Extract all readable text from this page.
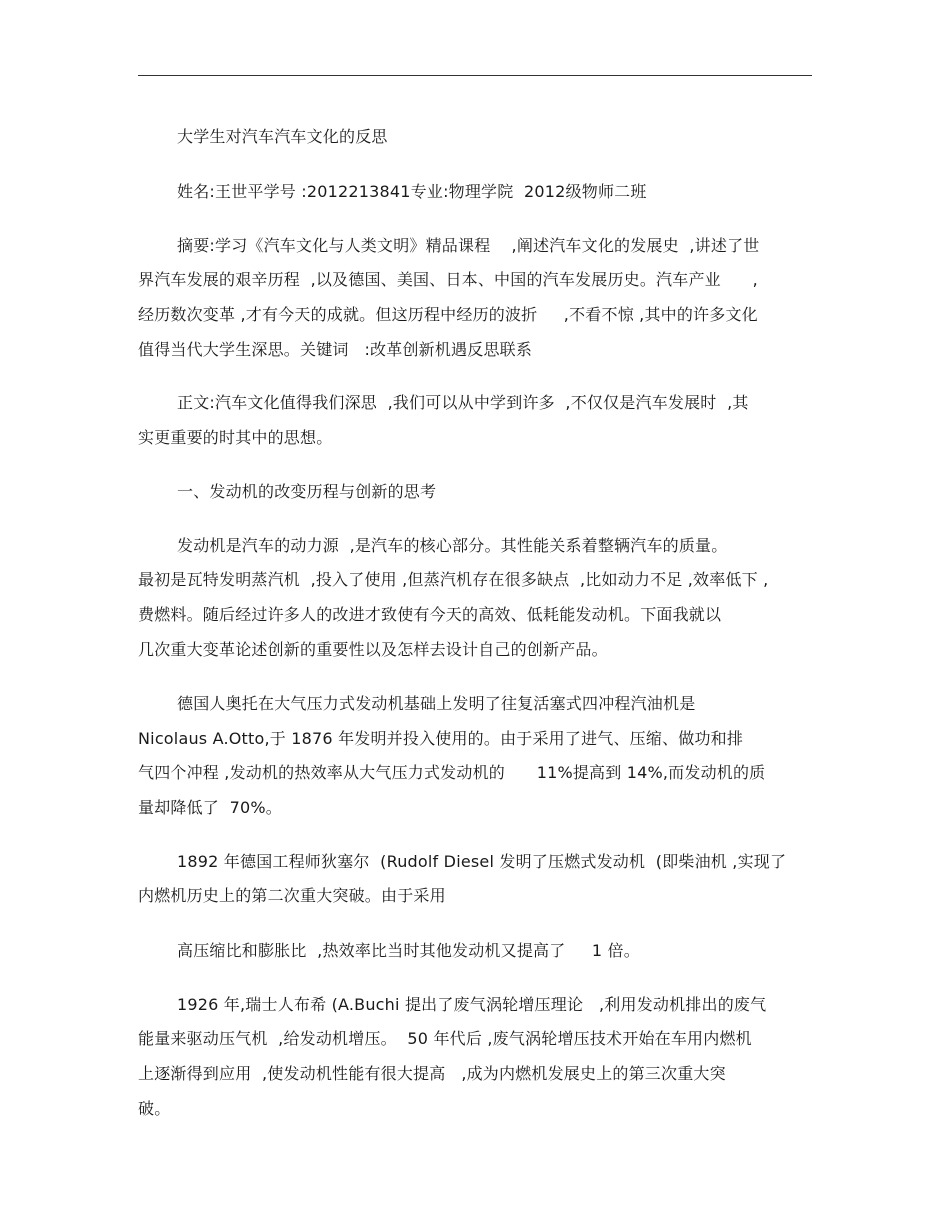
大学生对汽车汽车文化的反思
姓名:王世平学号 :2012213841专业:物理学院  2012级物师二班
摘要:学习《汽车文化与人类文明》精品课程    ,阐述汽车文化的发展史  ,讲述了世
界汽车发展的艰辛历程  ,以及德国、美国、日本、中国的汽车发展历史。汽车产业      ,
经历数次变革 ,才有今天的成就。但这历程中经历的波折     ,不看不惊 ,其中的许多文化
值得当代大学生深思。关键词   :改革创新机遇反思联系
正文:汽车文化值得我们深思  ,我们可以从中学到许多  ,不仅仅是汽车发展时  ,其
实更重要的时其中的思想。
一、发动机的改变历程与创新的思考
发动机是汽车的动力源  ,是汽车的核心部分。其性能关系着整辆汽车的质量。
最初是瓦特发明蒸汽机  ,投入了使用 ,但蒸汽机存在很多缺点  ,比如动力不足 ,效率低下 ,
费燃料。随后经过许多人的改进才致使有今天的高效、低耗能发动机。下面我就以
几次重大变革论述创新的重要性以及怎样去设计自己的创新产品。
德国人奥托在大气压力式发动机基础上发明了往复活塞式四冲程汽油机是
Nicolaus A.Otto,于 1876 年发明并投入使用的。由于采用了进气、压缩、做功和排
气四个冲程 ,发动机的热效率从大气压力式发动机的      11%提高到 14%,而发动机的质
量却降低了  70%。
1892 年德国工程师狄塞尔  (Rudolf Diesel 发明了压燃式发动机  (即柴油机 ,实现了
内燃机历史上的第二次重大突破。由于采用
高压缩比和膨胀比  ,热效率比当时其他发动机又提高了     1 倍。
1926 年,瑞士人布希 (A.Buchi 提出了废气涡轮增压理论   ,利用发动机排出的废气
能量来驱动压气机  ,给发动机增压。  50 年代后 ,废气涡轮增压技术开始在车用内燃机
上逐渐得到应用  ,使发动机性能有很大提高   ,成为内燃机发展史上的第三次重大突
破。
